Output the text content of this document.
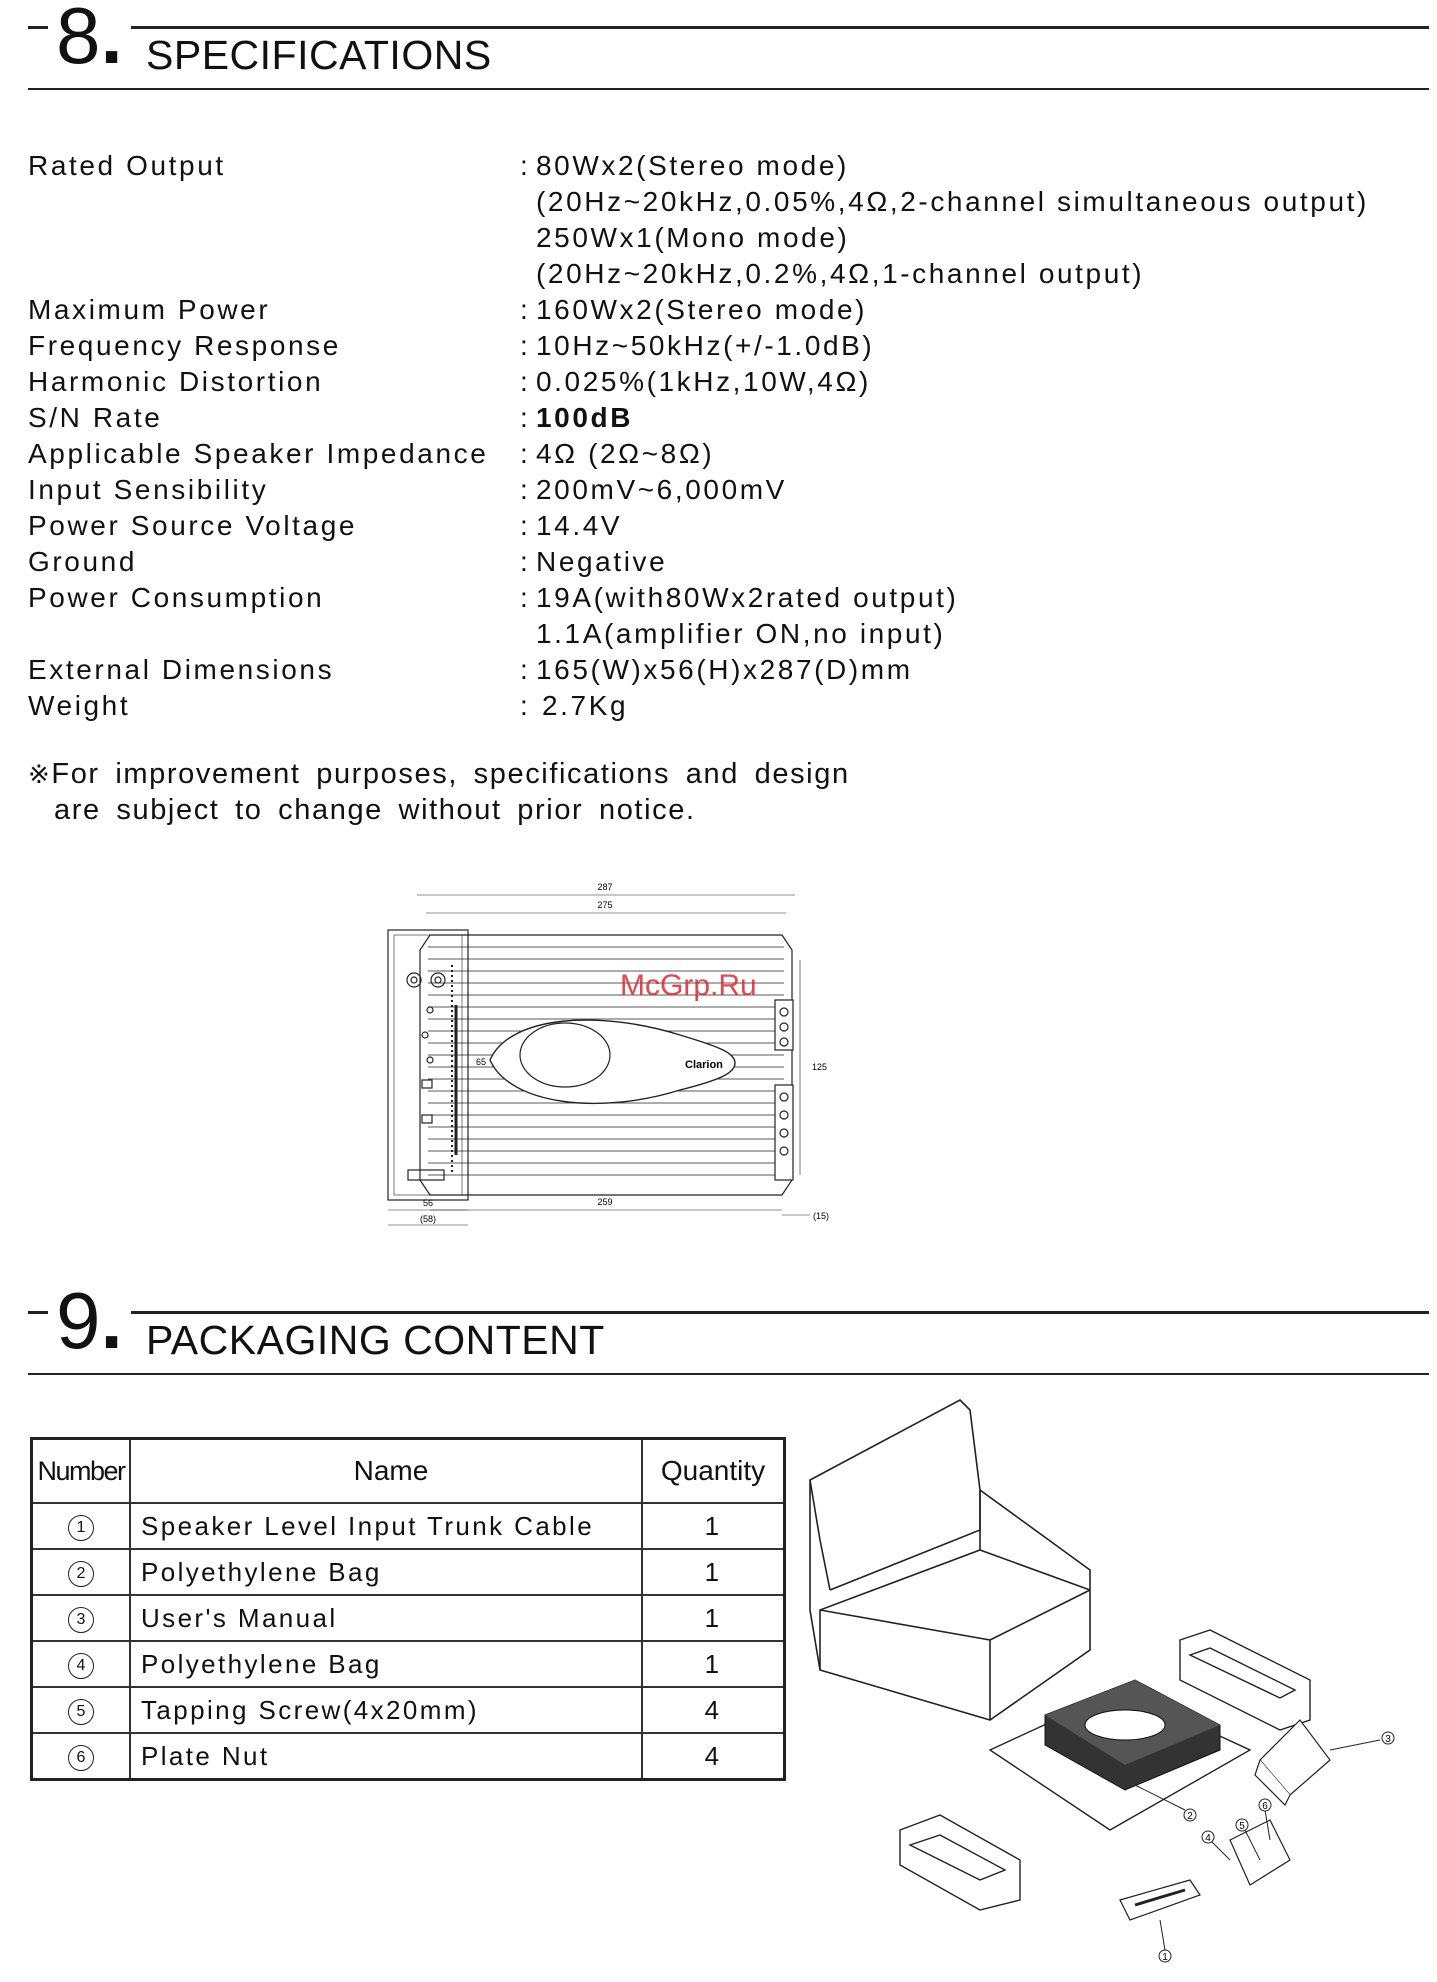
8. SPECIFICATIONS
Rated Output	: 80Wx2(Stereo mode)
(20Hz~20kHz,0.05%,4Ω,2-channel simultaneous output)
250Wx1(Mono mode)
(20Hz~20kHz,0.2%,4Ω,1-channel output)
Maximum Power	: 160Wx2(Stereo mode)
Frequency Response	: 10Hz~50kHz(+/-1.0dB)
Harmonic Distortion	: 0.025%(1kHz,10W,4Ω)
S/N Rate	: 100dB
Applicable Speaker Impedance	: 4Ω (2Ω~8Ω)
Input Sensibility	: 200mV~6,000mV
Power Source Voltage	: 14.4V
Ground	: Negative
Power Consumption	: 19A(with80Wx2rated output)
1.1A(amplifier ON,no input)
External Dimensions	: 165(W)x56(H)x287(D)mm
Weight	: 2.7Kg
※For improvement purposes, specifications and design
are subject to change without prior notice.
287
275
259
125
(15)
56
(58)
65	Clarion
McGrp.Ru
9. PACKAGING CONTENT
Number	Name	Quantity
1	Speaker Level Input Trunk Cable	1
2	Polyethylene Bag	1
3	User's Manual	1
4	Polyethylene Bag	1
5	Tapping Screw(4x20mm)	4
6	Plate Nut	4
3
2
4
5
6
1
